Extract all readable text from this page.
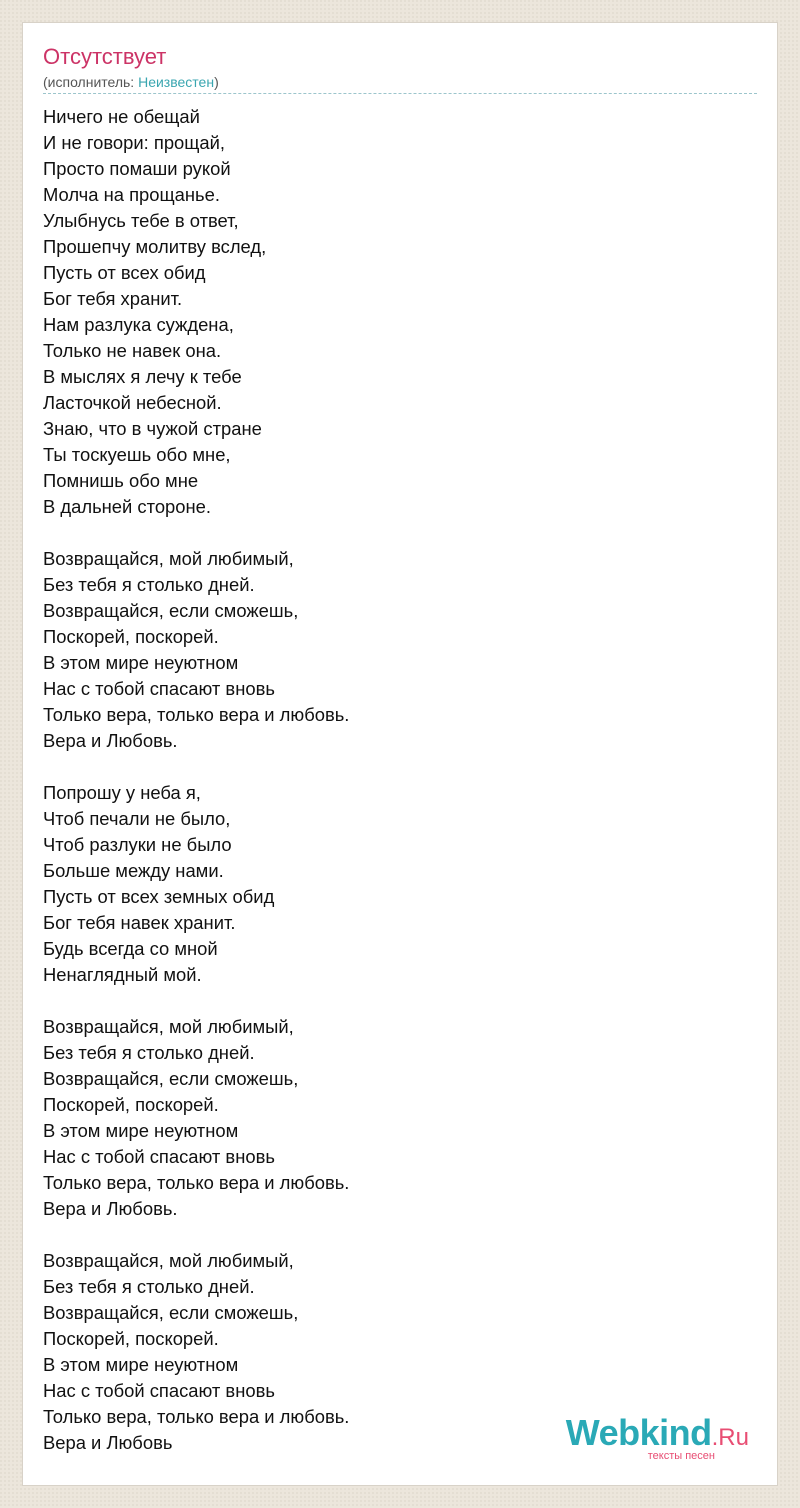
Отсутствует
(исполнитель: Неизвестен)
Ничего не обещай
И не говори: прощай,
Просто помаши рукой
Молча на прощанье.
Улыбнусь тебе в ответ,
Прошепчу молитву вслед,
Пусть от всех обид
Бог тебя хранит.
Нам разлука суждена,
Только не навек она.
В мыслях я лечу к тебе
Ласточкой небесной.
Знаю, что в чужой стране
Ты тоскуешь обо мне,
Помнишь обо мне
В дальней стороне.

Возвращайся, мой любимый,
Без тебя я столько дней.
Возвращайся, если сможешь,
Поскорей, поскорей.
В этом мире неуютном
Нас с тобой спасают вновь
Только вера, только вера и любовь.
Вера и Любовь.

Попрошу у неба я,
Чтоб печали не было,
Чтоб разлуки не было
Больше между нами.
Пусть от всех земных обид
Бог тебя навек хранит.
Будь всегда со мной
Ненаглядный мой.

Возвращайся, мой любимый,
Без тебя я столько дней.
Возвращайся, если сможешь,
Поскорей, поскорей.
В этом мире неуютном
Нас с тобой спасают вновь
Только вера, только вера и любовь.
Вера и Любовь.

Возвращайся, мой любимый,
Без тебя я столько дней.
Возвращайся, если сможешь,
Поскорей, поскорей.
В этом мире неуютном
Нас с тобой спасают вновь
Только вера, только вера и любовь.
Вера и Любовь	Webkind.Ru
тексты песен
